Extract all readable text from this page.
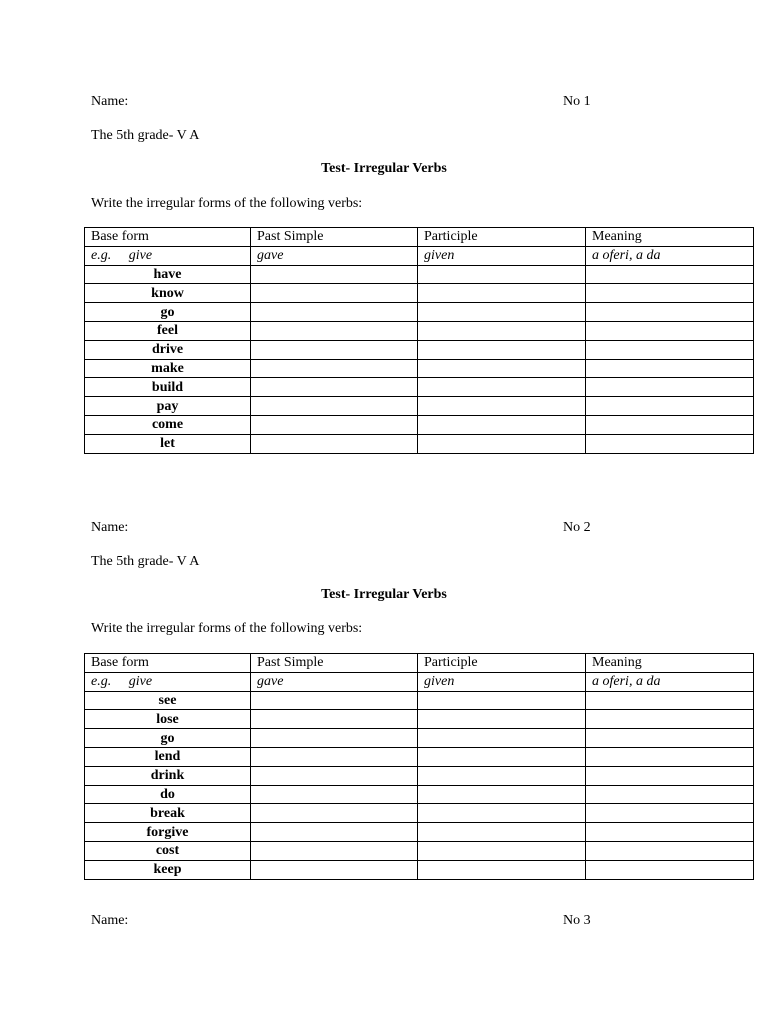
Name:	No 1
The 5th grade- V A
Test- Irregular Verbs
Write the irregular forms of the following verbs:
Base form	Past Simple	Participle	Meaning
e.g.     give	gave	given	a oferi, a da
have			
know			
go			
feel			
drive			
make			
build			
pay			
come			
let			
Name:	No 2
The 5th grade- V A
Test- Irregular Verbs
Write the irregular forms of the following verbs:
Base form	Past Simple	Participle	Meaning
e.g.     give	gave	given	a oferi, a da
see			
lose			
go			
lend			
drink			
do			
break			
forgive			
cost			
keep			
Name:	No 3
